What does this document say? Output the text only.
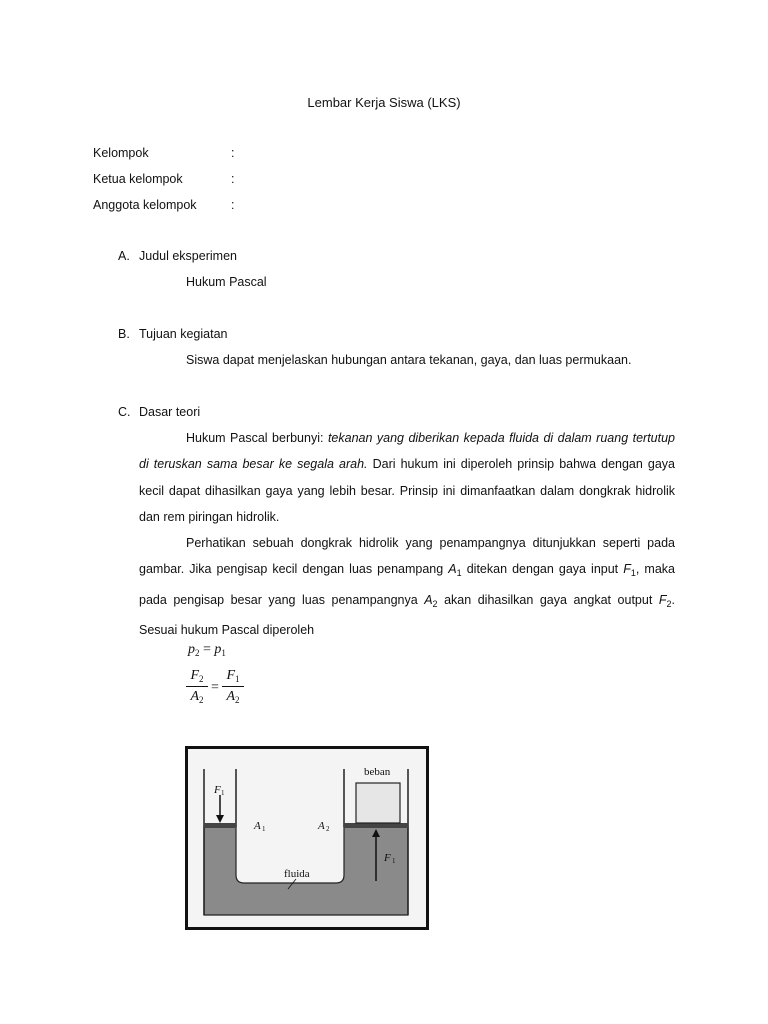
Lembar Kerja Siswa (LKS)
Kelompok	:
Ketua kelompok	:
Anggota kelompok	:
A. Judul eksperimen
Hukum Pascal
B. Tujuan kegiatan
Siswa dapat menjelaskan hubungan antara tekanan, gaya, dan luas permukaan.
C. Dasar teori
Hukum Pascal berbunyi: tekanan yang diberikan kepada fluida di dalam ruang tertutup di teruskan sama besar ke segala arah. Dari hukum ini diperoleh prinsip bahwa dengan gaya kecil dapat dihasilkan gaya yang lebih besar. Prinsip ini dimanfaatkan dalam dongkrak hidrolik dan rem piringan hidrolik.
Perhatikan sebuah dongkrak hidrolik yang penampangnya ditunjukkan seperti pada gambar. Jika pengisap kecil dengan luas penampang $A_1$ ditekan dengan gaya input $F_1$, maka pada pengisap besar yang luas penampangnya $A_2$ akan dihasilkan gaya angkat output $F_2$. Sesuai hukum Pascal diperoleh
$p_2 = p_1$
$F_2$
$A_2$
=
$F_1$
$A_2$
beban
F 1
A 1	A 2
F 1
fluida
